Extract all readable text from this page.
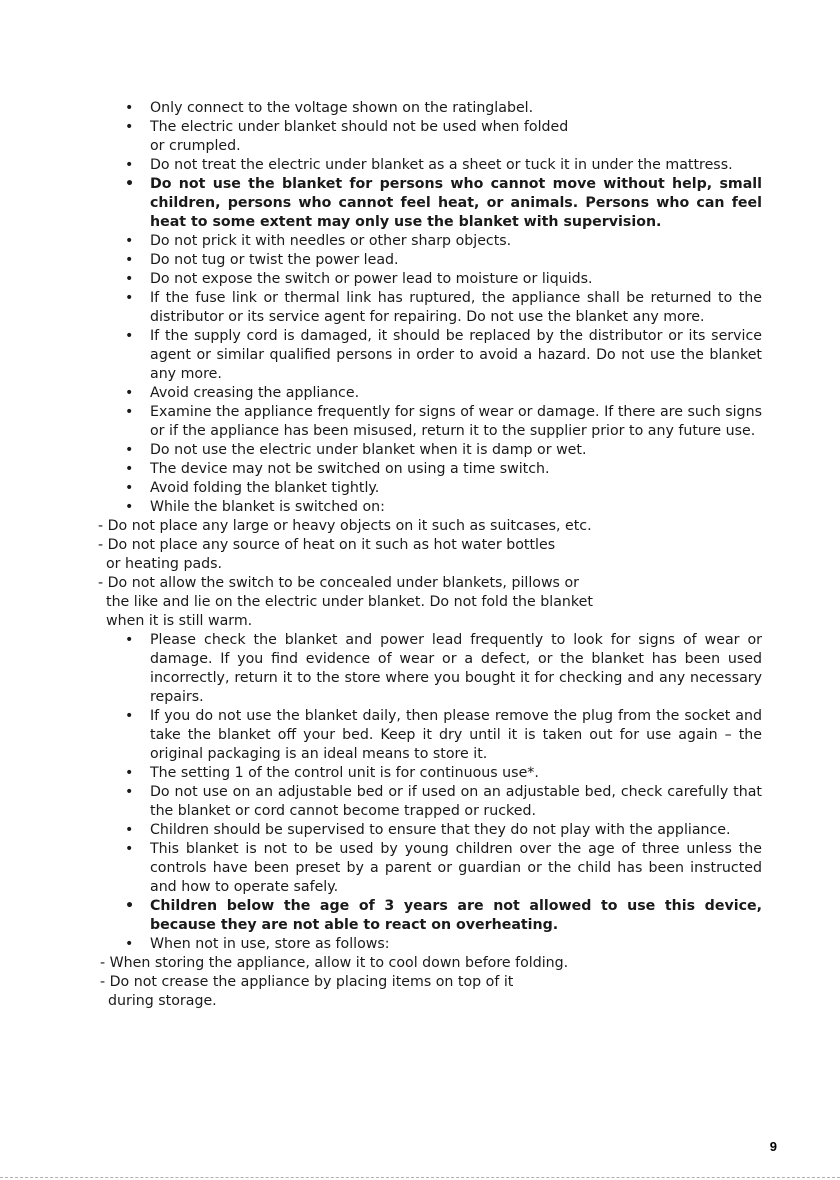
• Only connect to the voltage shown on the ratinglabel.
• The electric under blanket should not be used when folded
or crumpled.
• Do not treat the electric under blanket as a sheet or tuck it in under the mattress.
• Do not use the blanket for persons who cannot move without help, small children, persons who cannot feel heat, or animals. Persons who can feel heat to some extent may only use the blanket with supervision.
• Do not prick it with needles or other sharp objects.
• Do not tug or twist the power lead.
• Do not expose the switch or power lead to moisture or liquids.
• If the fuse link or thermal link has ruptured, the appliance shall be returned to the distributor or its service agent for repairing. Do not use the blanket any more.
• If the supply cord is damaged, it should be replaced by the distributor or its service agent or similar qualified persons in order to avoid a hazard. Do not use the blanket any more.
• Avoid creasing the appliance.
• Examine the appliance frequently for signs of wear or damage. If there are such signs or if the appliance has been misused, return it to the supplier prior to any future use.
• Do not use the electric under blanket when it is damp or wet.
• The device may not be switched on using a time switch.
• Avoid folding the blanket tightly.
• While the blanket is switched on:
- Do not place any large or heavy objects on it such as suitcases, etc.
- Do not place any source of heat on it such as hot water bottles
or heating pads.
- Do not allow the switch to be concealed under blankets, pillows or
the like and lie on the electric under blanket. Do not fold the blanket
when it is still warm.
• Please check the blanket and power lead frequently to look for signs of wear or damage. If you find evidence of wear or a defect, or the blanket has been used incorrectly, return it to the store where you bought it for checking and any necessary repairs.
• If you do not use the blanket daily, then please remove the plug from the socket and take the blanket off your bed. Keep it dry until it is taken out for use again – the original packaging is an ideal means to store it.
• The setting 1 of the control unit is for continuous use*.
• Do not use on an adjustable bed or if used on an adjustable bed, check carefully that the blanket or cord cannot become trapped or rucked.
• Children should be supervised to ensure that they do not play with the appliance.
• This blanket is not to be used by young children over the age of three unless the controls have been preset by a parent or guardian or the child has been instructed and how to operate safely.
• Children below the age of 3 years are not allowed to use this device, because they are not able to react on overheating.
• When not in use, store as follows:
- When storing the appliance, allow it to cool down before folding.
- Do not crease the appliance by placing items on top of it
during storage.
9
